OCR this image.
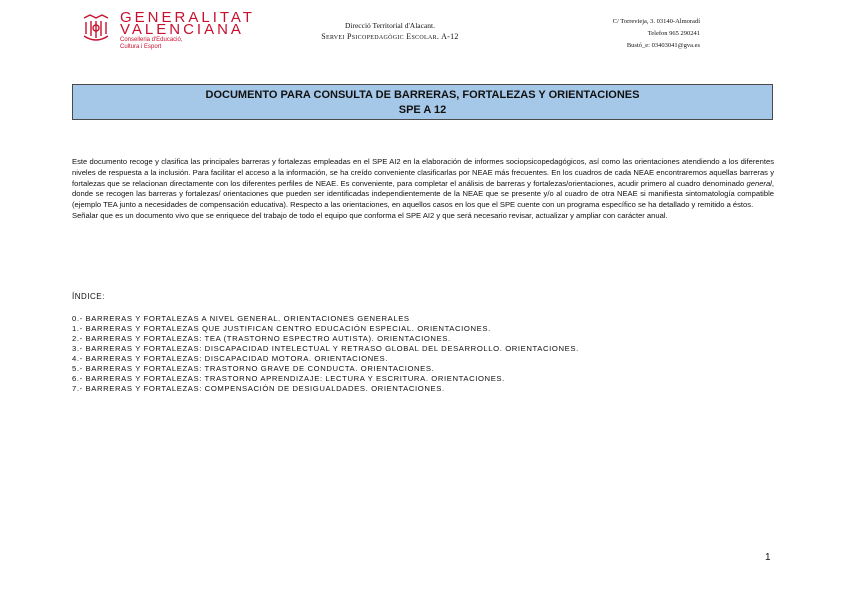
GENERALITAT
VALENCIANA
Conselleria d'Educació,
Cultura i Esport
Direcció Territorial d'Alacant.
Servei Psicopedagògic Escolar. A-12
C/ Torrevieja, 3. 03140-Almoradí
Telefon 965 290241
Bustó_e: 03403041@gva.es
DOCUMENTO PARA CONSULTA DE BARRERAS, FORTALEZAS Y ORIENTACIONES
SPE A 12

Este documento recoge y clasifica las principales barreras y fortalezas empleadas en el SPE AI2 en la elaboración de informes sociopsicopedagógicos, así como las orientaciones atendiendo a los diferentes niveles de respuesta a la inclusión. Para facilitar el acceso a la información, se ha creído conveniente clasificarlas por NEAE más frecuentes. En los cuadros de cada NEAE encontraremos aquellas barreras y fortalezas que se relacionan directamente con los diferentes perfiles de NEAE. Es conveniente, para completar el análisis de barreras y fortalezas/orientaciones, acudir primero al cuadro denominado general, donde se recogen las barreras y fortalezas/ orientaciones que pueden ser identificadas independientemente de la NEAE que se presente y/o al cuadro de otra NEAE si manifiesta sintomatología compatible (ejemplo TEA junto a necesidades de compensación educativa). Respecto a las orientaciones, en aquellos casos en los que el SPE cuente con un programa específico se ha detallado y remitido a éstos.

Señalar que es un documento vivo que se enriquece del trabajo de todo el equipo que conforma el SPE AI2 y que será necesario revisar, actualizar y ampliar con carácter anual.

ÍNDICE:
0.- BARRERAS Y FORTALEZAS A NIVEL GENERAL. ORIENTACIONES GENERALES
1.- BARRERAS Y FORTALEZAS QUE JUSTIFICAN CENTRO EDUCACIÓN ESPECIAL. ORIENTACIONES.
2.- BARRERAS Y FORTALEZAS: TEA (TRASTORNO ESPECTRO AUTISTA). ORIENTACIONES.
3.- BARRERAS Y FORTALEZAS: DISCAPACIDAD INTELECTUAL Y RETRASO GLOBAL DEL DESARROLLO. ORIENTACIONES.
4.- BARRERAS Y FORTALEZAS: DISCAPACIDAD MOTORA. ORIENTACIONES.
5.- BARRERAS Y FORTALEZAS: TRASTORNO GRAVE DE CONDUCTA. ORIENTACIONES.
6.- BARRERAS Y FORTALEZAS: TRASTORNO APRENDIZAJE: LECTURA Y ESCRITURA. ORIENTACIONES.
7.- BARRERAS Y FORTALEZAS: COMPENSACIÓN DE DESIGUALDADES. ORIENTACIONES.
1
